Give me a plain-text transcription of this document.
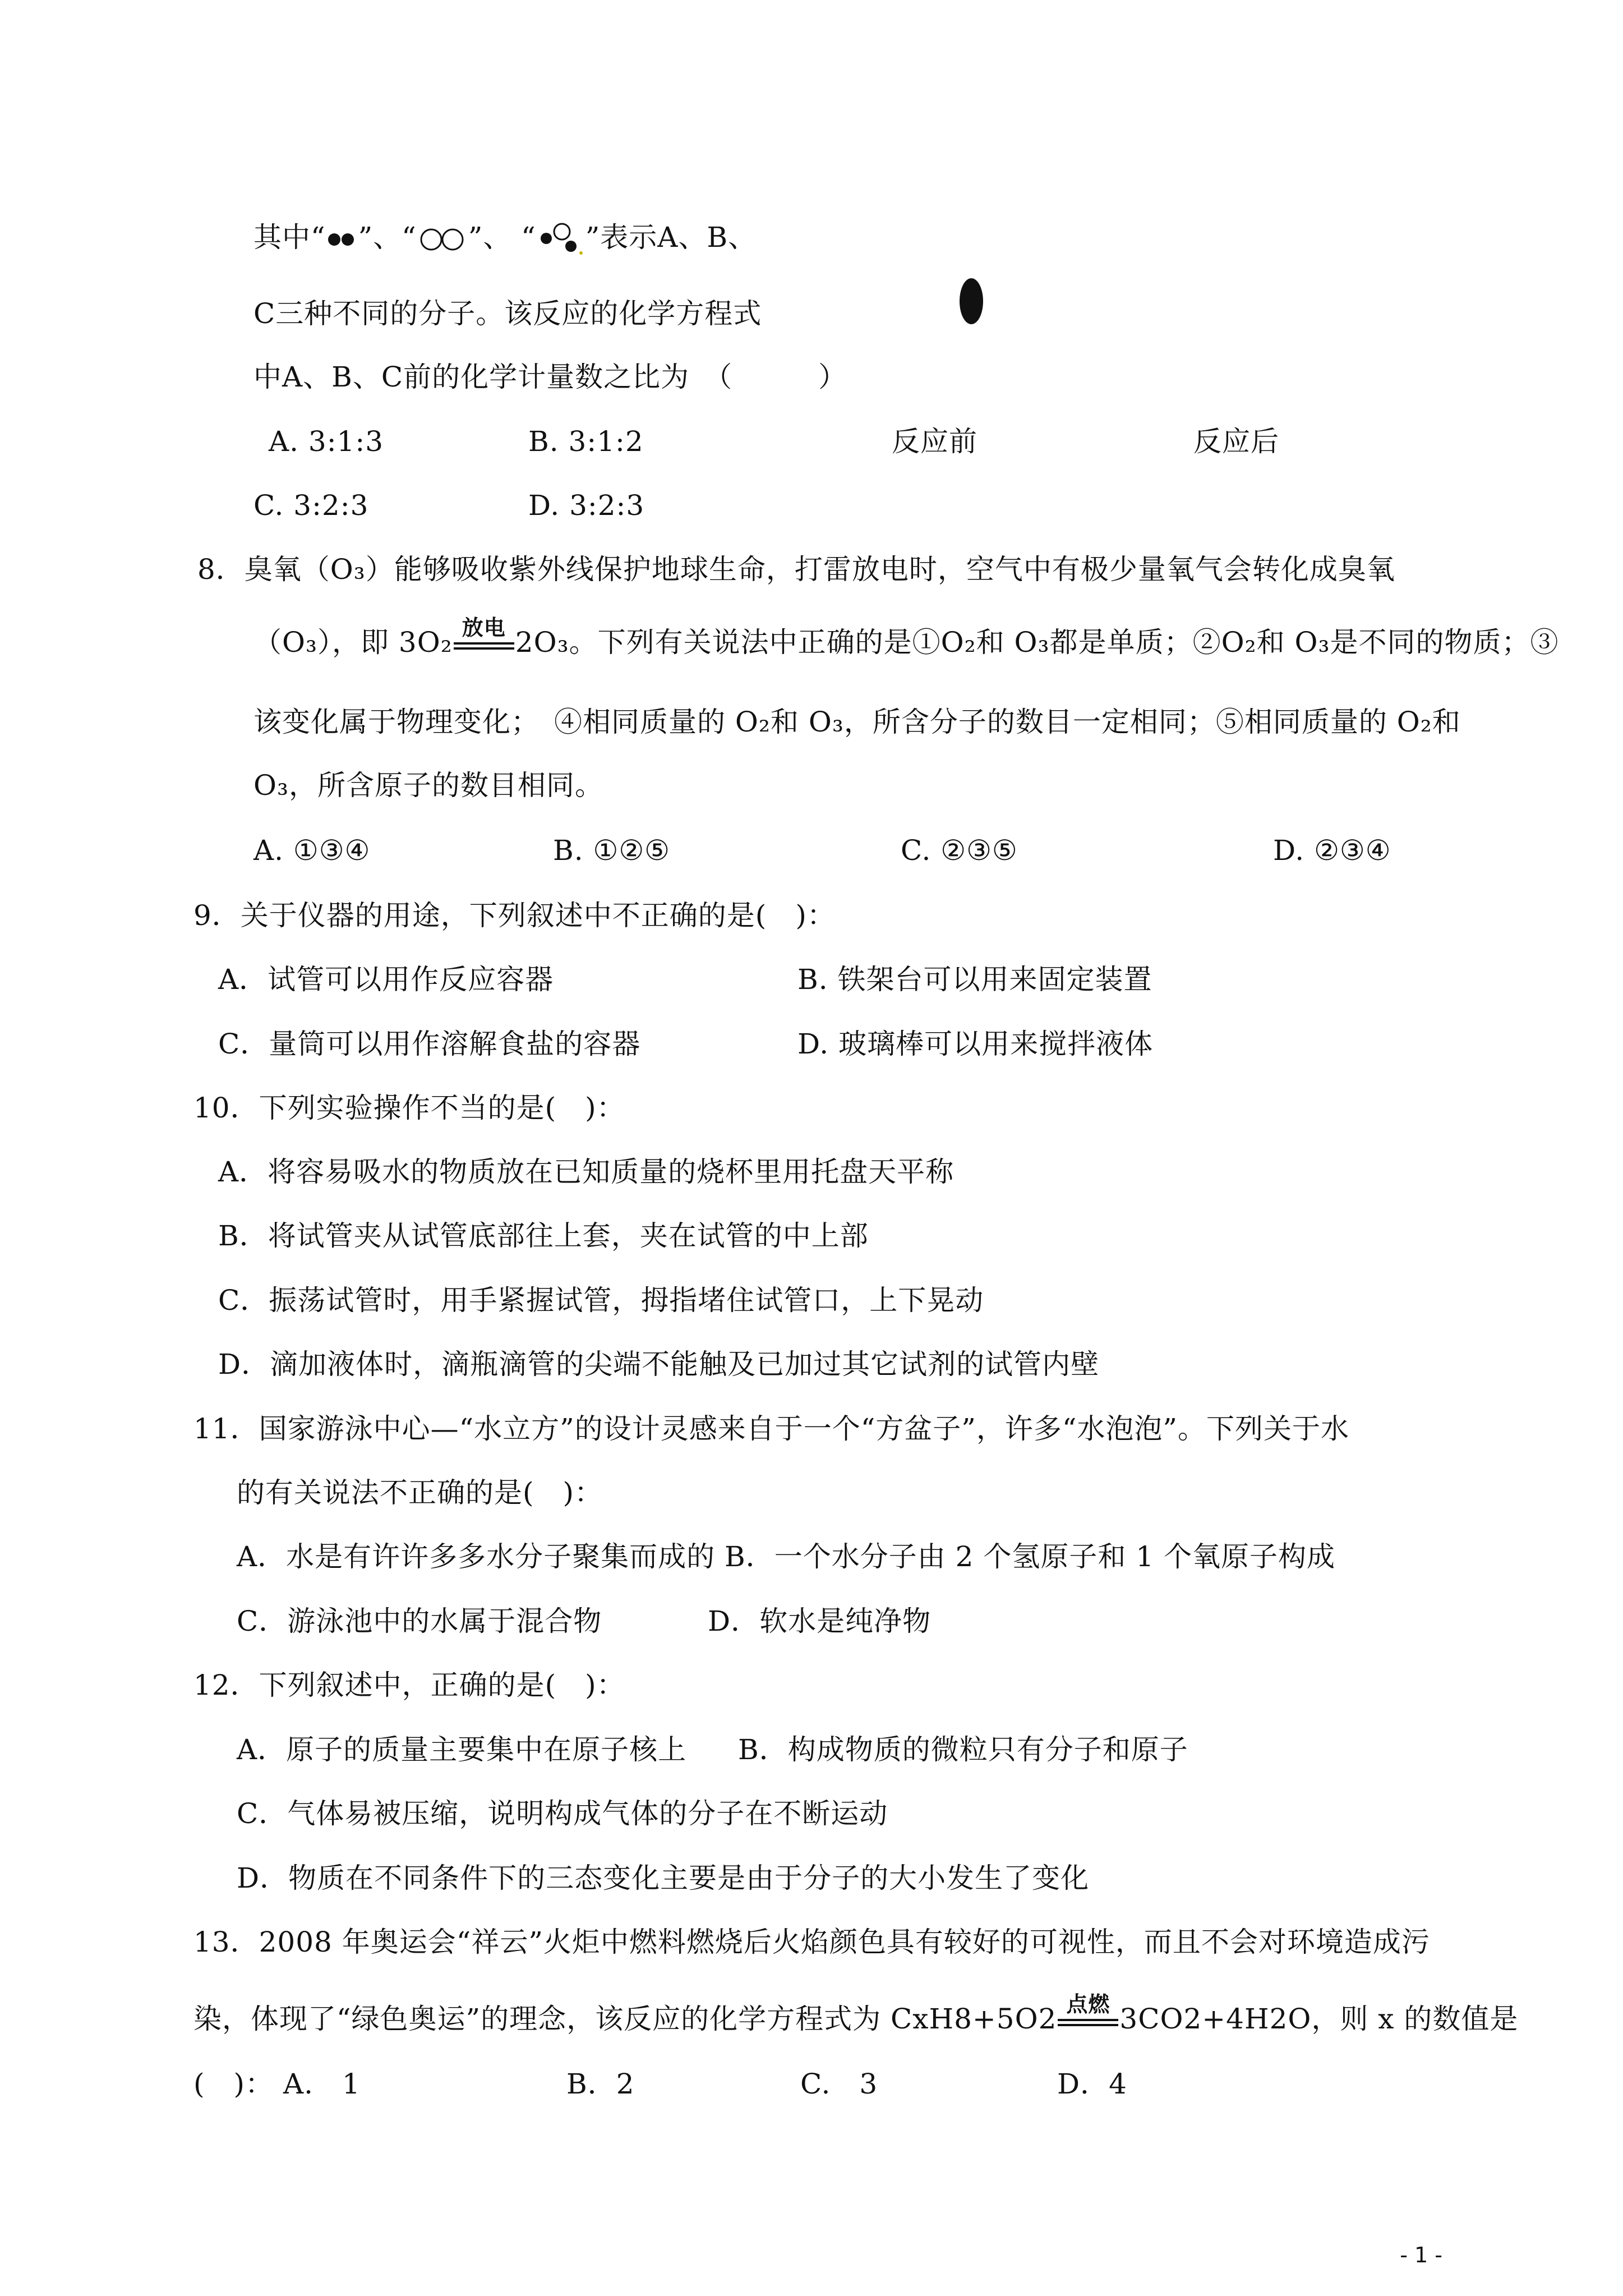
其中“ ”、“ ”、 “ ”表示A、B、
C三种不同的分子。该反应的化学方程式
中A、B、C前的化学计量数之比为　（　　　）
A. 3:1:3	B. 3:1:2	反应前	反应后
C. 3:2:3	D. 3:2:3
8．臭氧（O₃）能够吸收紫外线保护地球生命，打雷放电时，空气中有极少量氧气会转化成臭氧
（O₃），即 3O₂ 放电 2O₃。下列有关说法中正确的是①O₂和 O₃都是单质；②O₂和 O₃是不同的物质；③
该变化属于物理变化；　④相同质量的 O₂和 O₃，所含分子的数目一定相同；⑤相同质量的 O₂和
O₃，所含原子的数目相同。
A. ①③④	B. ①②⑤	C. ②③⑤	D. ②③④
9．关于仪器的用途，下列叙述中不正确的是(　)：
A．试管可以用作反应容器	B. 铁架台可以用来固定装置
C．量筒可以用作溶解食盐的容器	D. 玻璃棒可以用来搅拌液体
10．下列实验操作不当的是(　)：
A．将容易吸水的物质放在已知质量的烧杯里用托盘天平称
B．将试管夹从试管底部往上套，夹在试管的中上部
C．振荡试管时，用手紧握试管，拇指堵住试管口，上下晃动
D．滴加液体时，滴瓶滴管的尖端不能触及已加过其它试剂的试管内壁
11．国家游泳中心—“水立方”的设计灵感来自于一个“方盆子”，许多“水泡泡”。下列关于水
的有关说法不正确的是(　)：
A．水是有许许多多水分子聚集而成的 B．一个水分子由 2 个氢原子和 1 个氧原子构成
C．游泳池中的水属于混合物	D．软水是纯净物
12．下列叙述中，正确的是(　)：
A．原子的质量主要集中在原子核上 B．构成物质的微粒只有分子和原子
C．气体易被压缩，说明构成气体的分子在不断运动
D．物质在不同条件下的三态变化主要是由于分子的大小发生了变化
13．2008 年奥运会“祥云”火炬中燃料燃烧后火焰颜色具有较好的可视性，而且不会对环境造成污
染，体现了“绿色奥运”的理念，该反应的化学方程式为 CxH8+5O2 点燃 3CO2+4H2O，则 x 的数值是
(　)： A.　1	B．2	C.　3	D．4
- 1 -
